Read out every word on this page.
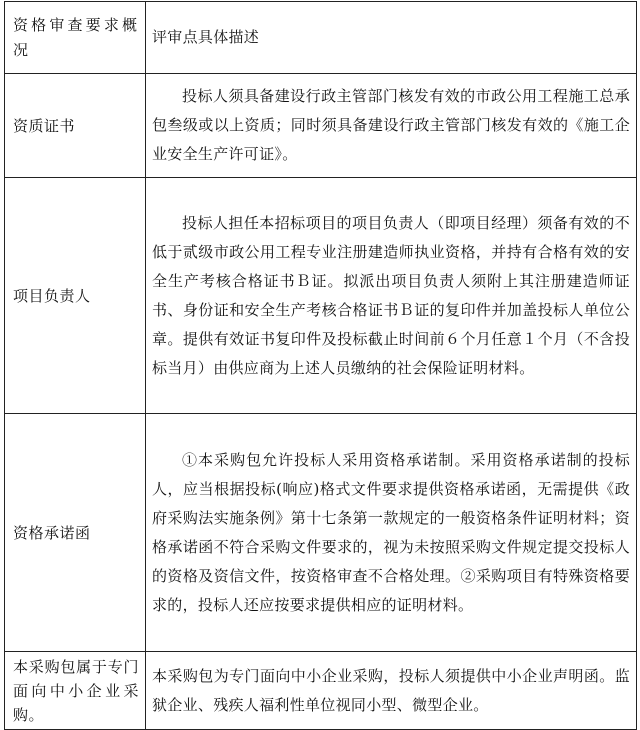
资格审查要求概况	评审点具体描述
资质证书	投标人须具备建设行政主管部门核发有效的市政公用工程施工总承包叁级或以上资质；同时须具备建设行政主管部门核发有效的《施工企业安全生产许可证》。
项目负责人	投标人担任本招标项目的项目负责人（即项目经理）须备有效的不低于贰级市政公用工程专业注册建造师执业资格，并持有合格有效的安全生产考核合格证书Ｂ证。拟派出项目负责人须附上其注册建造师证书、身份证和安全生产考核合格证书Ｂ证的复印件并加盖投标人单位公章。提供有效证书复印件及投标截止时间前６个月任意１个月（不含投标当月）由供应商为上述人员缴纳的社会保险证明材料。
资格承诺函	①本采购包允许投标人采用资格承诺制。采用资格承诺制的投标人，应当根据投标(响应)格式文件要求提供资格承诺函，无需提供《政府采购法实施条例》第十七条第一款规定的一般资格条件证明材料；资格承诺函不符合采购文件要求的，视为未按照采购文件规定提交投标人的资格及资信文件，按资格审查不合格处理。②采购项目有特殊资格要求的，投标人还应按要求提供相应的证明材料。
本采购包属于专门面向中小企业采购。	本采购包为专门面向中小企业采购，投标人须提供中小企业声明函。监狱企业、残疾人福利性单位视同小型、微型企业。
